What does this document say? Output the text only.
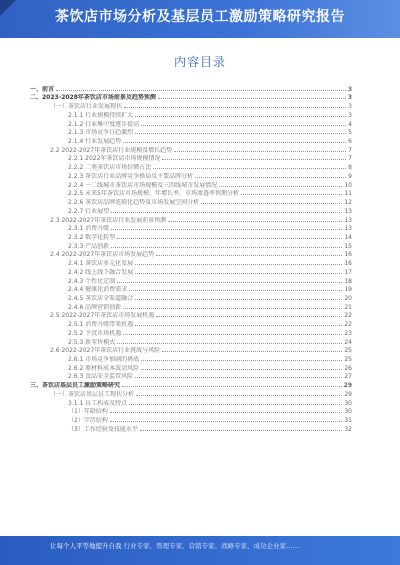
茶饮店市场分析及基层员工激励策略研究报告
内容目录
一、前言	3
二、2023-2028年茶饮店市场前景及趋势预测	3
（一）茶饮店行业发展现状	3
2.1.1 行业规模持续扩大	3
2.1.2 行业集中度逐步提高	4
2.1.3 市场竞争日趋激烈	5
2.1.4 行业发展趋势	6
2.2 2022-2027年茶饮店行业规模及增长趋势	7
2.2.1 2022年茶饮店市场规模情况	7
2.2.2 二类茶饮店市场份额占比	8
2.2.3 茶饮店行业品牌竞争格局及主要品牌分析	9
2.2.4 一二线城市茶饮店市场规模及三四线城市发展情况	10
2.2.5 未来5年茶饮店市场规模、年增长率、市场渗透率预测分析	11
2.2.6 茶饮店品牌连锁化趋势及市场发展空间分析	12
2.2.7 行业展望	13
2.3 2022-2027年茶饮店行业发展前景预测	13
2.3.1 消费升级	13
2.3.2 数字化转型	14
2.3.3 产品创新	15
2.4 2022-2027年茶饮店市场发展趋势	16
2.4.1 茶饮店多元化发展	16
2.4.2 线上线下融合发展	17
2.4.3 个性化定制	18
2.4.4 健康化消费需求	19
2.4.5 茶饮店全渠道融合	20
2.4.6 品牌营销创新	21
2.5 2022-2027年茶饮店市场发展机遇	22
2.5.1 消费升级带来机遇	22
2.5.2 下沉市场机遇	23
2.5.3 新零售模式	24
2.6 2022-2027年茶饮店行业挑战与风险	25
2.6.1 市场竞争加剧的挑战	25
2.6.2 原材料成本波动风险	26
2.6.3 食品安全监管风险	27
三、茶饮店基层员工激励策略研究	29
（一）茶饮店基层员工现状分析	29
3.1.1 员工构成及特点	30
（1）年龄结构	30
（2）学历结构	31
（3）工作经验及技能水平	32
让每个人平等地提升自我 行业专家、管理专家、营销专家、战略专家、成功企业家……
